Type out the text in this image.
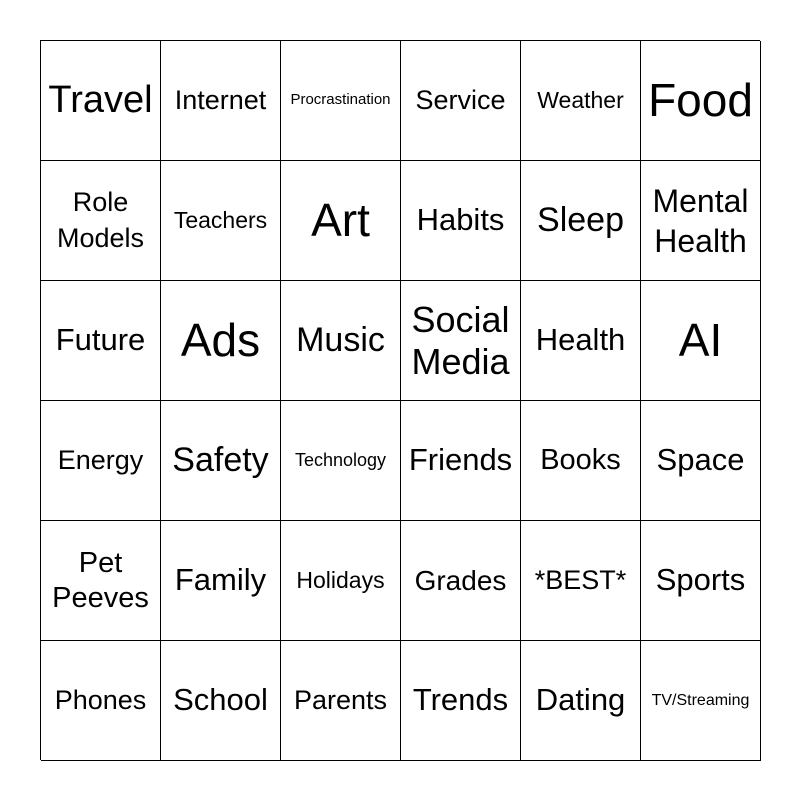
Travel Internet Procrastination Service Weather Food
Role Models
Teachers Art Habits Sleep
Mental Health
Future Ads Music
Social Media
Health AI
Energy Safety Technology Friends Books Space
Pet Peeves
Family Holidays Grades *BEST* Sports
Phones School Parents Trends Dating TV/Streaming
